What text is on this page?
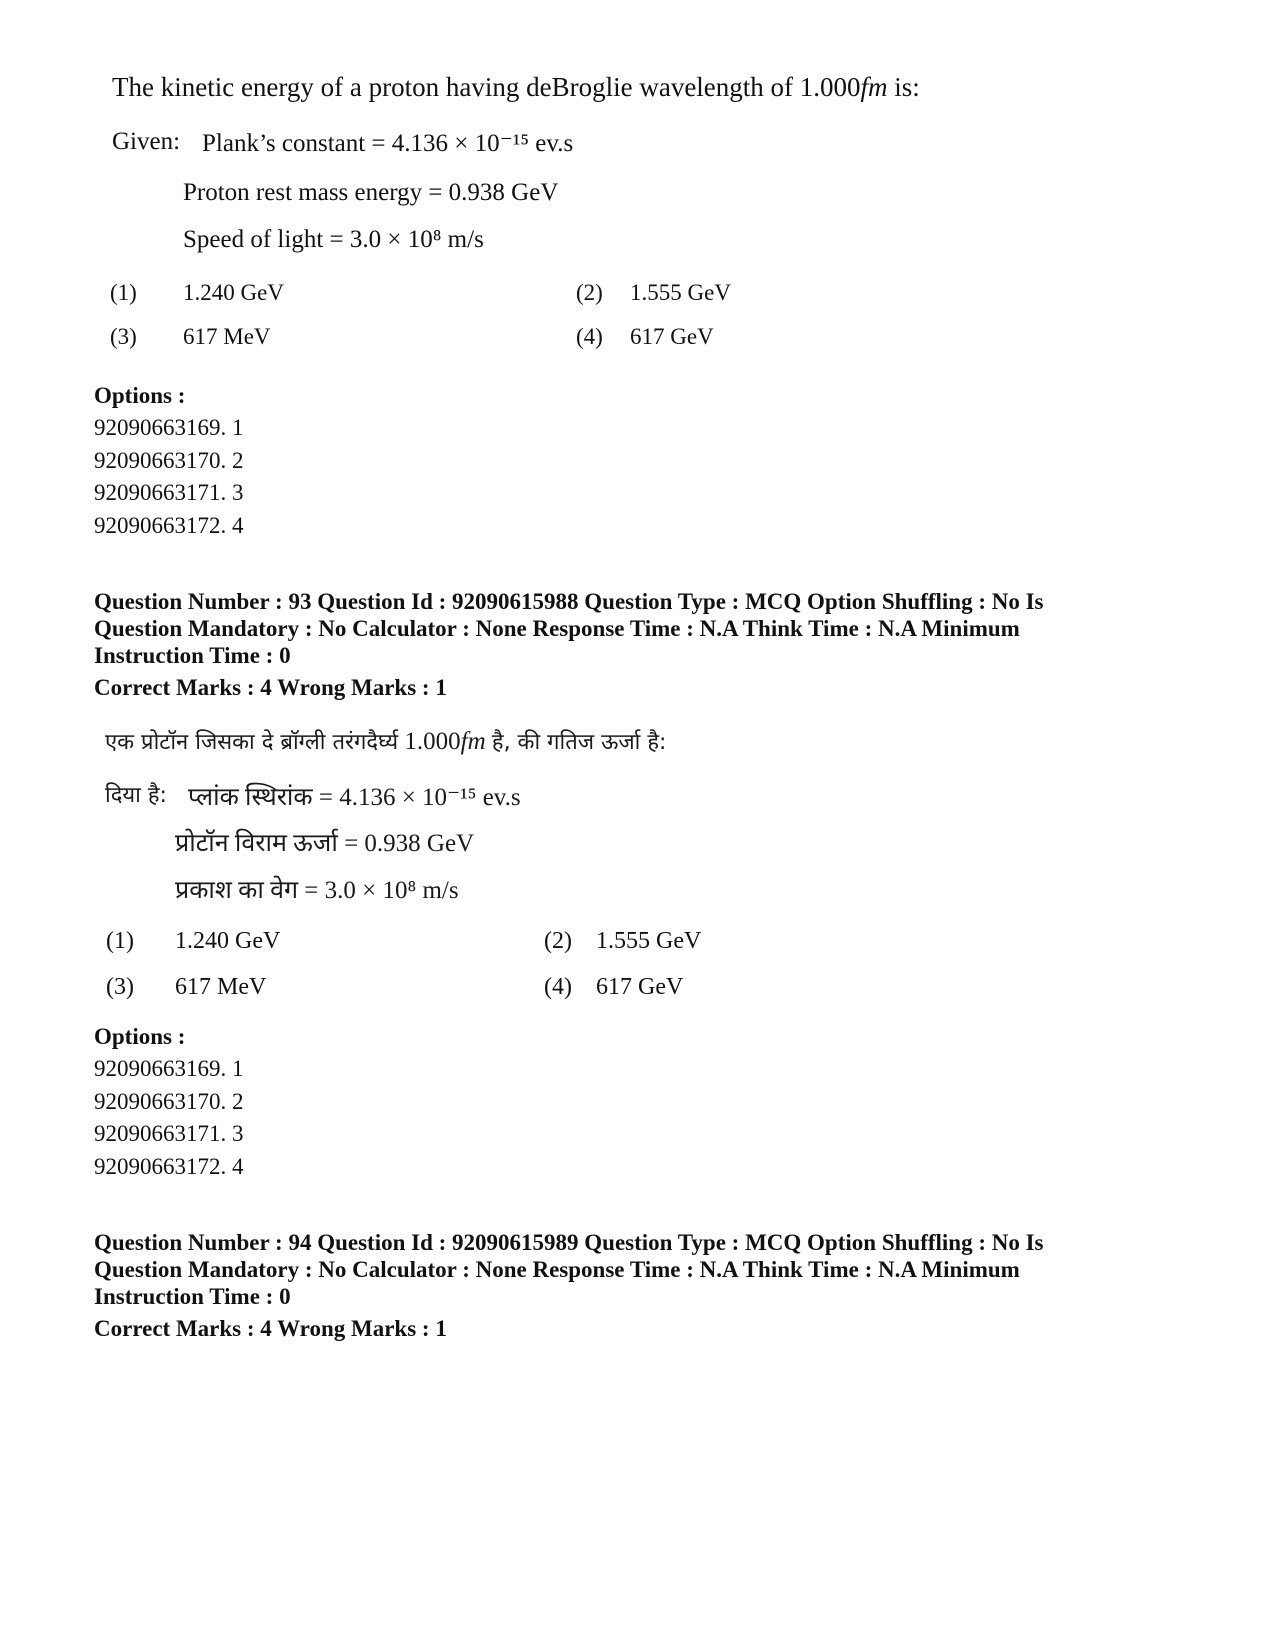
The kinetic energy of a proton having deBroglie wavelength of 1.000fm is:
Given: Plank’s constant = 4.136 × 10⁻¹⁵ ev.s
Proton rest mass energy = 0.938 GeV
Speed of light = 3.0 × 10⁸ m/s
(1) 1.240 GeV	(2) 1.555 GeV
(3) 617 MeV	(4) 617 GeV
Options :
92090663169. 1
92090663170. 2
92090663171. 3
92090663172. 4
Question Number : 93 Question Id : 92090615988 Question Type : MCQ Option Shuffling : No Is
Question Mandatory : No Calculator : None Response Time : N.A Think Time : N.A Minimum
Instruction Time : 0
Correct Marks : 4 Wrong Marks : 1
एक प्रोटॉन जिसका दे ब्रॉग्ली तरंगदैर्घ्य 1.000fm है, की गतिज ऊर्जा है:
दिया है: प्लांक स्थिरांक = 4.136 × 10⁻¹⁵ ev.s
प्रोटॉन विराम ऊर्जा = 0.938 GeV
प्रकाश का वेग = 3.0 × 10⁸ m/s
(1) 1.240 GeV	(2) 1.555 GeV
(3) 617 MeV	(4) 617 GeV
Options :
92090663169. 1
92090663170. 2
92090663171. 3
92090663172. 4
Question Number : 94 Question Id : 92090615989 Question Type : MCQ Option Shuffling : No Is
Question Mandatory : No Calculator : None Response Time : N.A Think Time : N.A Minimum
Instruction Time : 0
Correct Marks : 4 Wrong Marks : 1
